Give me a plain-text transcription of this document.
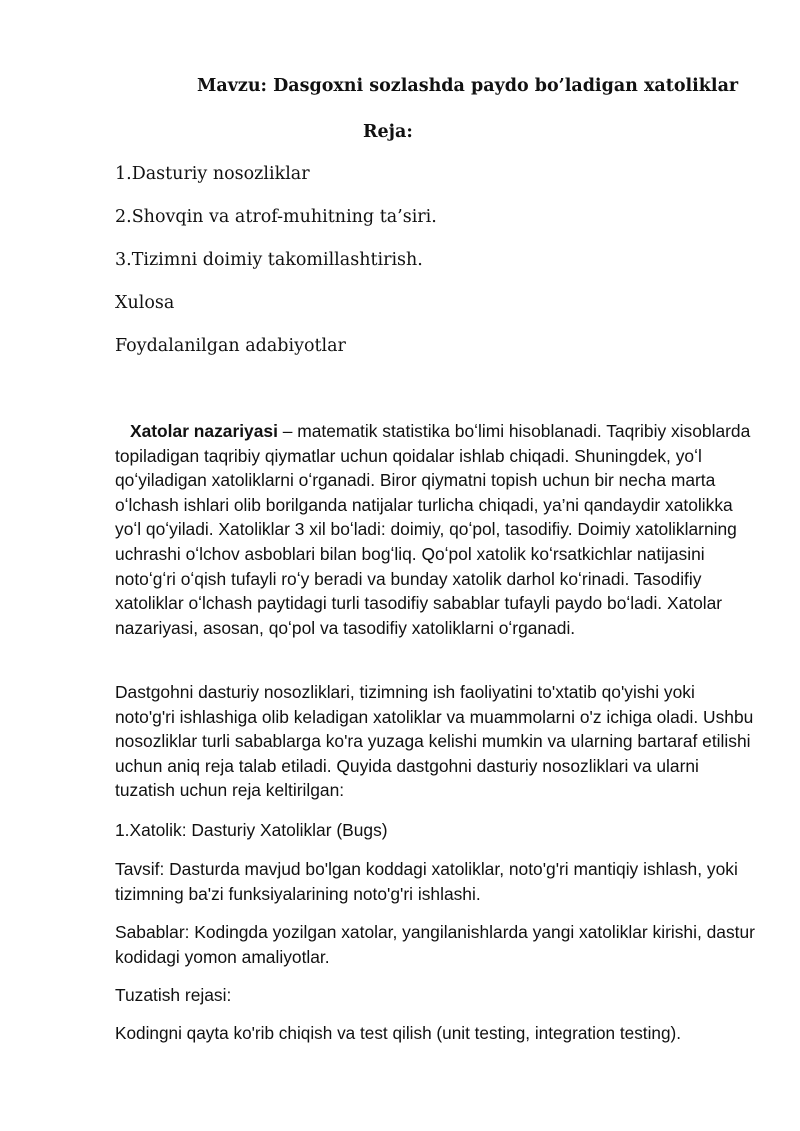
Mavzu: Dasgoxni sozlashda paydo bo’ladigan xatoliklar
Reja:
1.Dasturiy nosozliklar
2.Shovqin va atrof-muhitning ta’siri.
3.Tizimni doimiy takomillashtirish.
Xulosa
Foydalanilgan adabiyotlar

Xatolar nazariyasi – matematik statistika boʻlimi hisoblanadi. Taqribiy xisoblarda topiladigan taqribiy qiymatlar uchun qoidalar ishlab chiqadi. Shuningdek, yoʻl qoʻyiladigan xatoliklarni oʻrganadi. Biror qiymatni topish uchun bir necha marta oʻlchash ishlari olib borilganda natijalar turlicha chiqadi, ya’ni qandaydir xatolikka yoʻl qoʻyiladi. Xatoliklar 3 xil boʻladi: doimiy, qoʻpol, tasodifiy. Doimiy xatoliklarning uchrashi oʻlchov asboblari bilan bogʻliq. Qoʻpol xatolik koʻrsatkichlar natijasini notoʻgʻri oʻqish tufayli roʻy beradi va bunday xatolik darhol koʻrinadi. Tasodifiy xatoliklar oʻlchash paytidagi turli tasodifiy sabablar tufayli paydo boʻladi. Xatolar nazariyasi, asosan, qoʻpol va tasodifiy xatoliklarni oʻrganadi.

Dastgohni dasturiy nosozliklari, tizimning ish faoliyatini to'xtatib qo'yishi yoki noto'g'ri ishlashiga olib keladigan xatoliklar va muammolarni o'z ichiga oladi. Ushbu nosozliklar turli sabablarga ko'ra yuzaga kelishi mumkin va ularning bartaraf etilishi uchun aniq reja talab etiladi. Quyida dastgohni dasturiy nosozliklari va ularni tuzatish uchun reja keltirilgan:

1.Xatolik: Dasturiy Xatoliklar (Bugs)

Tavsif: Dasturda mavjud bo'lgan koddagi xatoliklar, noto'g'ri mantiqiy ishlash, yoki tizimning ba'zi funksiyalarining noto'g'ri ishlashi.

Sabablar: Kodingda yozilgan xatolar, yangilanishlarda yangi xatoliklar kirishi, dastur kodidagi yomon amaliyotlar.

Tuzatish rejasi:

Kodingni qayta ko'rib chiqish va test qilish (unit testing, integration testing).
